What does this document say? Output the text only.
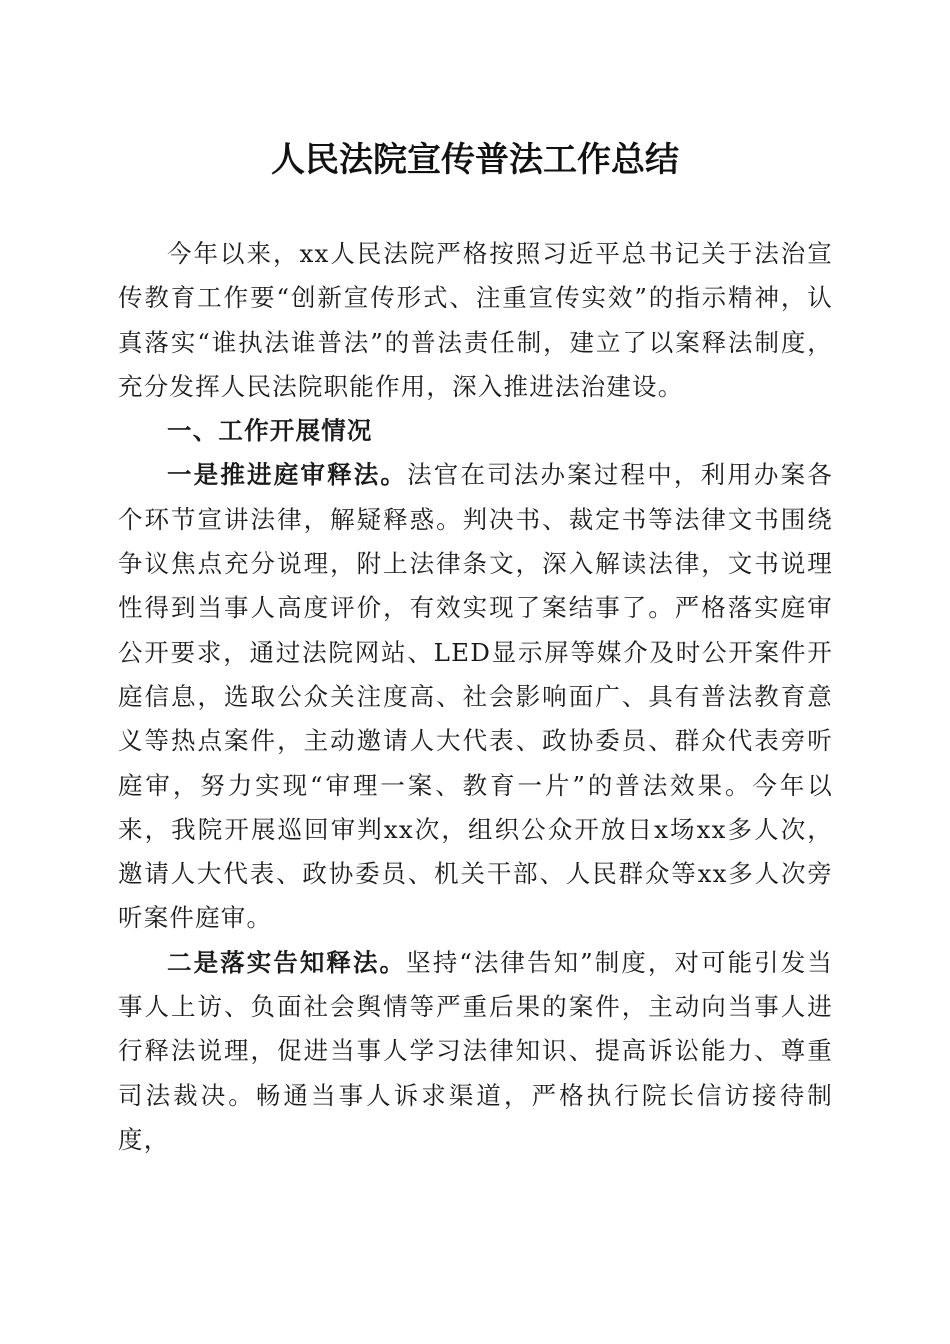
人民法院宣传普法工作总结

今年以来，xx人民法院严格按照习近平总书记关于法治宣传教育工作要“创新宣传形式、注重宣传实效”的指示精神，认真落实“谁执法谁普法”的普法责任制，建立了以案释法制度，充分发挥人民法院职能作用，深入推进法治建设。

一、工作开展情况

一是推进庭审释法。法官在司法办案过程中，利用办案各个环节宣讲法律，解疑释惑。判决书、裁定书等法律文书围绕争议焦点充分说理，附上法律条文，深入解读法律，文书说理性得到当事人高度评价，有效实现了案结事了。严格落实庭审公开要求，通过法院网站、LED显示屏等媒介及时公开案件开庭信息，选取公众关注度高、社会影响面广、具有普法教育意义等热点案件，主动邀请人大代表、政协委员、群众代表旁听庭审，努力实现“审理一案、教育一片”的普法效果。今年以来，我院开展巡回审判xx次，组织公众开放日x场xx多人次，邀请人大代表、政协委员、机关干部、人民群众等xx多人次旁听案件庭审。

二是落实告知释法。坚持“法律告知”制度，对可能引发当事人上访、负面社会舆情等严重后果的案件，主动向当事人进行释法说理，促进当事人学习法律知识、提高诉讼能力、尊重司法裁决。畅通当事人诉求渠道，严格执行院长信访接待制度，
